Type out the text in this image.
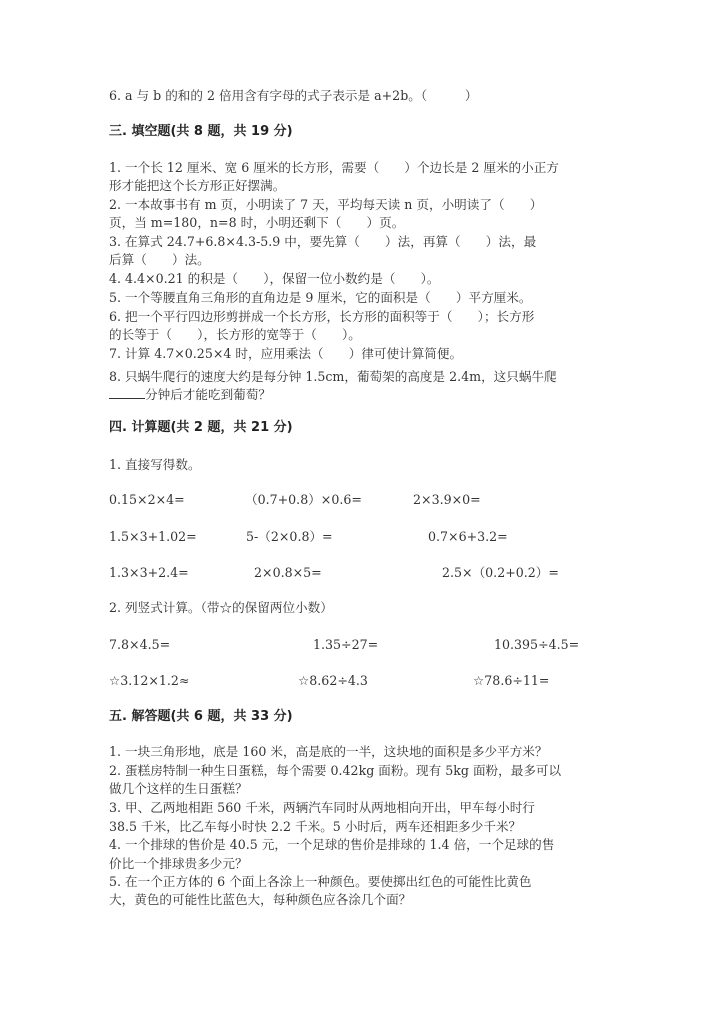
6. a 与 b 的和的 2 倍用含有字母的式子表示是 a+2b。（　　　）
三. 填空题(共 8 题，共 19 分)
1. 一个长 12 厘米、宽 6 厘米的长方形，需要（　　）个边长是 2 厘米的小正方
形才能把这个长方形正好摆满。
2. 一本故事书有 m 页，小明读了 7 天，平均每天读 n 页，小明读了（　　）
页，当 m=180，n=8 时，小明还剩下（　　）页。
3. 在算式 24.7+6.8×4.3-5.9 中，要先算（　　）法，再算（　　）法，最
后算（　　）法。
4. 4.4×0.21 的积是（　　），保留一位小数约是（　　）。
5. 一个等腰直角三角形的直角边是 9 厘米，它的面积是（　　）平方厘米。
6. 把一个平行四边形剪拼成一个长方形，长方形的面积等于（　　）；长方形
的长等于（　　），长方形的宽等于（　　）。
7. 计算 4.7×0.25×4 时，应用乘法（　　）律可使计算简便。
8. 只蜗牛爬行的速度大约是每分钟 1.5cm，葡萄架的高度是 2.4m，这只蜗牛爬
分钟后才能吃到葡萄？
四. 计算题(共 2 题，共 21 分)
1. 直接写得数。
0.15×2×4=	（0.7+0.8）×0.6=	2×3.9×0=
1.5×3+1.02=	5-（2×0.8）=	0.7×6+3.2=
1.3×3+2.4=	2×0.8×5=	2.5×（0.2+0.2）=
2. 列竖式计算。（带☆的保留两位小数）
7.8×4.5=	1.35÷27=	10.395÷4.5=
☆3.12×1.2≈	☆8.62÷4.3	☆78.6÷11=
五. 解答题(共 6 题，共 33 分)
1. 一块三角形地，底是 160 米，高是底的一半，这块地的面积是多少平方米？
2. 蛋糕房特制一种生日蛋糕，每个需要 0.42kg 面粉。现有 5kg 面粉，最多可以
做几个这样的生日蛋糕？
3. 甲、乙两地相距 560 千米，两辆汽车同时从两地相向开出，甲车每小时行
38.5 千米，比乙车每小时快 2.2 千米。5 小时后，两车还相距多少千米？
4. 一个排球的售价是 40.5 元，一个足球的售价是排球的 1.4 倍，一个足球的售
价比一个排球贵多少元？
5. 在一个正方体的 6 个面上各涂上一种颜色。要使掷出红色的可能性比黄色
大，黄色的可能性比蓝色大，每种颜色应各涂几个面？
